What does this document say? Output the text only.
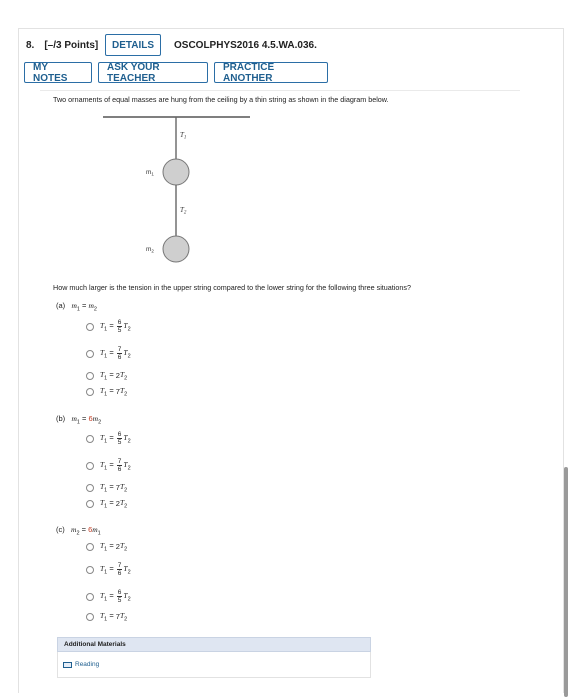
8. [–/3 Points]	DETAILS	OSCOLPHYS2016 4.5.WA.036.
MY NOTES
ASK YOUR TEACHER
PRACTICE ANOTHER
Two ornaments of equal masses are hung from the ceiling by a thin string as shown in the diagram below.
$T_1$
$T_2$
$m_1$
$m_2$
How much larger is the tension in the upper string compared to the lower string for the following three situations?
(a) $m_1 = m_2$
(b) $m_1 = 6m_2$
(c) $m_2 = 6m_1$
$T_1 = \frac{6}{5} T_2$
$T_1 = \frac{7}{6} T_2$
$T_1 = 2$ $T_2$
$T_1 = 7$ $T_2$
$T_1 = \frac{6}{5} T_2$
$T_1 = \frac{7}{6} T_2$
$T_1 = 7$ $T_2$
$T_1 = 2$ $T_2$
$T_1 = 2$ $T_2$
$T_1 = \frac{7}{6} T_2$
$T_1 = \frac{6}{5} T_2$
$T_1 = 7$ $T_2$
Additional Materials
Reading
